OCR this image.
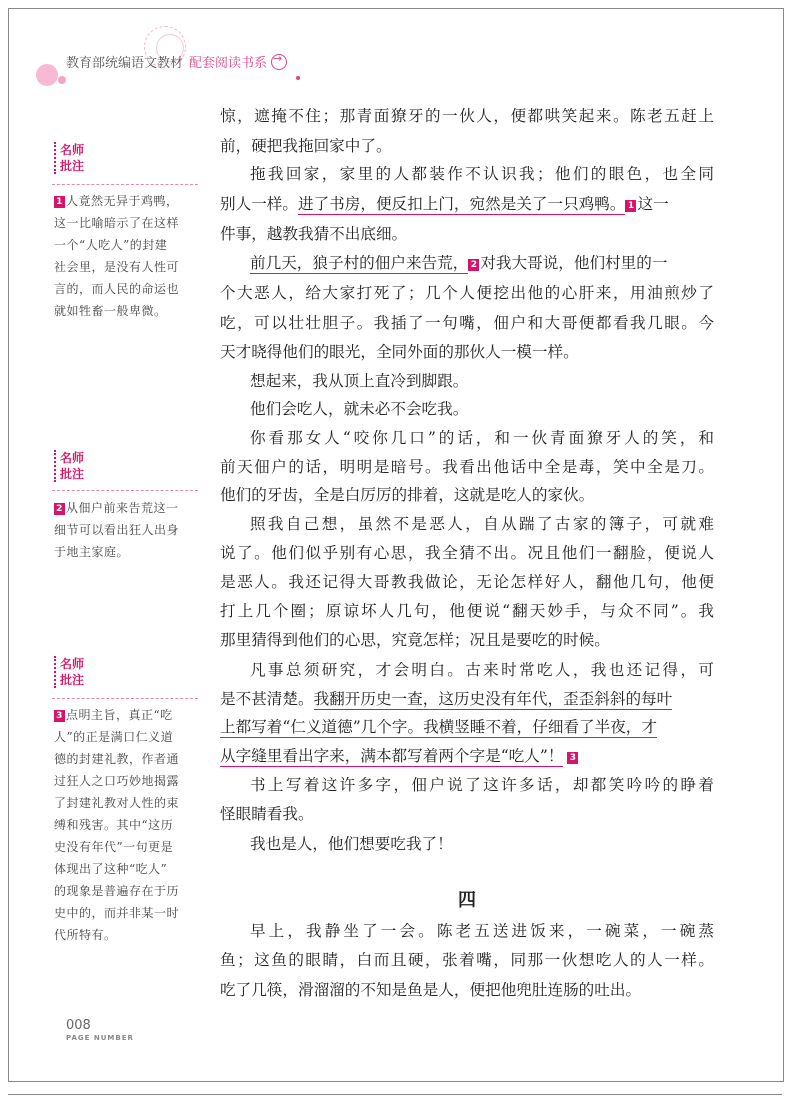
教育部统编语文教材 配套阅读书系→
名师
批注
1 人竟然无异于鸡鸭，
这一比喻暗示了在这样
一个“人吃人”的封建
社会里，是没有人性可
言的，而人民的命运也
就如牲畜一般卑微。
名师
批注
2 从佃户前来告荒这一
细节可以看出狂人出身
于地主家庭。
名师
批注
3 点明主旨，真正“吃
人”的正是满口仁义道
德的封建礼教，作者通
过狂人之口巧妙地揭露
了封建礼教对人性的束
缚和残害。其中“这历
史没有年代”一句更是
体现出了这种“吃人”
的现象是普遍存在于历
史中的，而并非某一时
代所特有。
惊，遮掩不住；那青面獠牙的一伙人，便都哄笑起来。陈老五赶上
前，硬把我拖回家中了。
拖我回家，家里的人都装作不认识我；他们的眼色，也全同
别人一样。进了书房，便反扣上门，宛然是关了一只鸡鸭。 1 这一
件事，越教我猜不出底细。
前几天，狼子村的佃户来告荒， 2 对我大哥说，他们村里的一
个大恶人，给大家打死了；几个人便挖出他的心肝来，用油煎炒了
吃，可以壮壮胆子。我插了一句嘴，佃户和大哥便都看我几眼。今
天才晓得他们的眼光，全同外面的那伙人一模一样。
想起来，我从顶上直冷到脚跟。
他们会吃人，就未必不会吃我。
你看那女人“咬你几口”的话，和一伙青面獠牙人的笑，和
前天佃户的话，明明是暗号。我看出他话中全是毒，笑中全是刀。
他们的牙齿，全是白厉厉的排着，这就是吃人的家伙。
照我自己想，虽然不是恶人，自从踹了古家的簿子，可就难
说了。他们似乎别有心思，我全猜不出。况且他们一翻脸，便说人
是恶人。我还记得大哥教我做论，无论怎样好人，翻他几句，他便
打上几个圈；原谅坏人几句，他便说“翻天妙手，与众不同”。我
那里猜得到他们的心思，究竟怎样；况且是要吃的时候。
凡事总须研究，才会明白。古来时常吃人，我也还记得，可
是不甚清楚。我翻开历史一查，这历史没有年代，歪歪斜斜的每叶
上都写着“仁义道德”几个字。我横竖睡不着，仔细看了半夜，才
从字缝里看出字来，满本都写着两个字是“吃人”！ 3
书上写着这许多字，佃户说了这许多话，却都笑吟吟的睁着
怪眼睛看我。
我也是人，他们想要吃我了！
四
早上，我静坐了一会。陈老五送进饭来，一碗菜，一碗蒸
鱼；这鱼的眼睛，白而且硬，张着嘴，同那一伙想吃人的人一样。
吃了几筷，滑溜溜的不知是鱼是人，便把他兜肚连肠的吐出。
008
PAGE NUMBER
